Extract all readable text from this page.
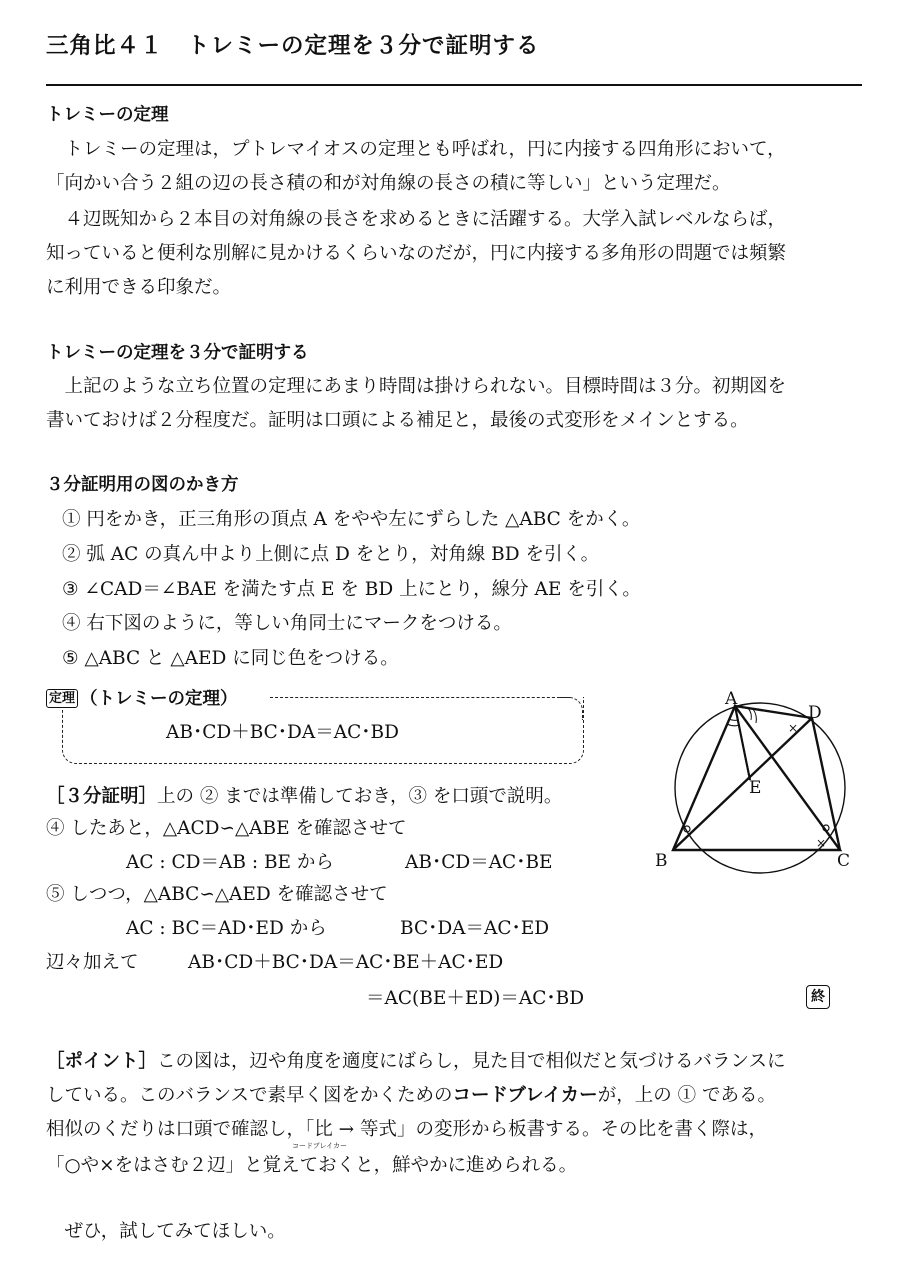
三角比４１　トレミーの定理を３分で証明する
トレミーの定理
　トレミーの定理は，プトレマイオスの定理とも呼ばれ，円に内接する四角形において，
「向かい合う２組の辺の長さ積の和が対角線の長さの積に等しい」という定理だ。
　４辺既知から２本目の対角線の長さを求めるときに活躍する。大学入試レベルならば，
知っていると便利な別解に見かけるくらいなのだが，円に内接する多角形の問題では頻繁
に利用できる印象だ。
トレミーの定理を３分で証明する
　上記のような立ち位置の定理にあまり時間は掛けられない。目標時間は３分。初期図を
書いておけば２分程度だ。証明は口頭による補足と，最後の式変形をメインとする。
３分証明用の図のかき方
① 円をかき，正三角形の頂点 A をやや左にずらした △ABC をかく。
② 弧 AC の真ん中より上側に点 D をとり，対角線 BD を引く。
③ ∠CAD＝∠BAE を満たす点 E を BD 上にとり，線分 AE を引く。
④ 右下図のように，等しい角同士にマークをつける。
⑤ △ABC と △AED に同じ色をつける。
定理 （トレミーの定理）
AB･CD＋BC･DA＝AC･BD
［３分証明］上の ② までは準備しておき，③ を口頭で説明。
④ したあと，△ACD∽△ABE を確認させて
AC : CD＝AB : BE から	AB･CD＝AC･BE
⑤ しつつ，△ABC∽△AED を確認させて
AC : BC＝AD･ED から	BC･DA＝AC･ED
辺々加えて	AB･CD＋BC･DA＝AC･BE＋AC･ED
＝AC(BE＋ED)＝AC･BD	終
×
×
A
B	C
D
E
［ポイント］この図は，辺や角度を適度にばらし，見た目で相似だと気づけるバランスに
している。このバランスで素早く図をかくためのコードブレイカーが，上の ① である。
相似のくだりは口頭で確認し，「比 → 等式」の変形から板書する。その比を書く際は，
コードブレイカー
「○や×をはさむ２辺」と覚えておくと，鮮やかに進められる。
　ぜひ，試してみてほしい。
